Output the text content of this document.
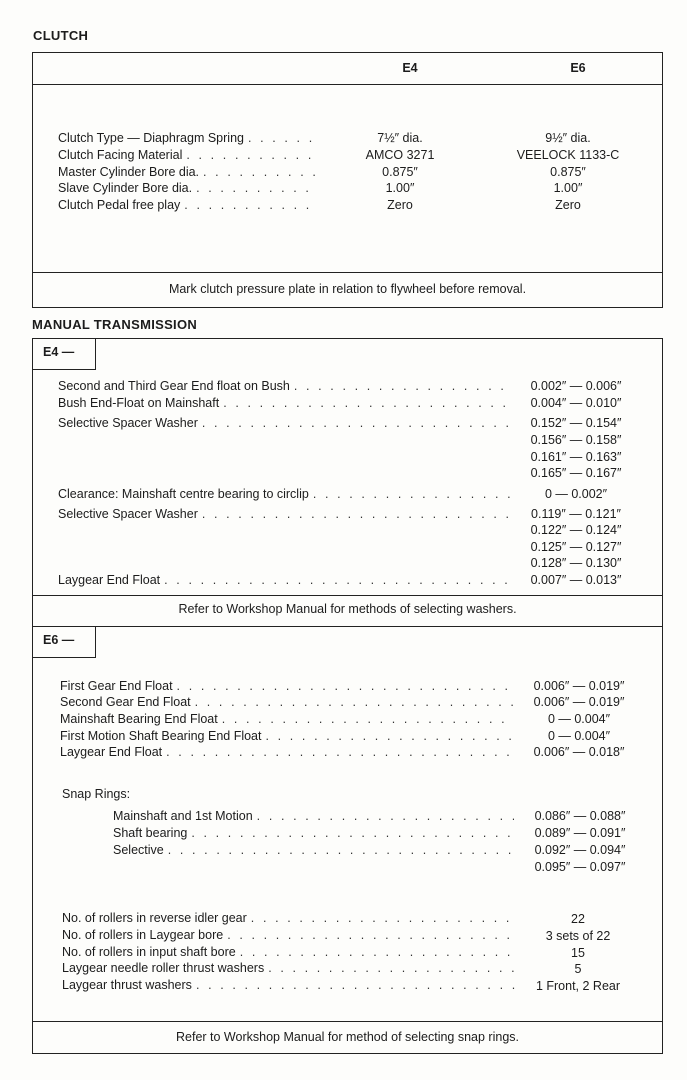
CLUTCH
E4	E6
Clutch Type — Diaphragm Spring . . .	7½″ dia.	9½″ dia.
Clutch Facing Material . . .	AMCO 3271	VEELOCK 1133-C
Master Cylinder Bore dia. . . .	0.875″	0.875″
Slave Cylinder Bore dia. . . .	1.00″	1.00″
Clutch Pedal free play . . .	Zero	Zero
Mark clutch pressure plate in relation to flywheel before removal.
MANUAL TRANSMISSION
E4 —
Second and Third Gear End float on Bush . . .	0.002″ — 0.006″
Bush End-Float on Mainshaft . . .	0.004″ — 0.010″
Selective Spacer Washer . . .	0.152″ — 0.154″
0.156″ — 0.158″
0.161″ — 0.163″
0.165″ — 0.167″
Clearance: Mainshaft centre bearing to circlip . . .	0 — 0.002″
Selective Spacer Washer . . .	0.119″ — 0.121″
0.122″ — 0.124″
0.125″ — 0.127″
0.128″ — 0.130″
Laygear End Float . . .	0.007″ — 0.013″
Refer to Workshop Manual for methods of selecting washers.
E6 —
First Gear End Float . . .	0.006″ — 0.019″
Second Gear End Float . . .	0.006″ — 0.019″
Mainshaft Bearing End Float . . .	0 — 0.004″
First Motion Shaft Bearing End Float . . .	0 — 0.004″
Laygear End Float . . .	0.006″ — 0.018″
Snap Rings:
Mainshaft and 1st Motion . . .	0.086″ — 0.088″
Shaft bearing . . .	0.089″ — 0.091″
Selective . . .	0.092″ — 0.094″
0.095″ — 0.097″
No. of rollers in reverse idler gear . . .	22
No. of rollers in Laygear bore . . .	3 sets of 22
No. of rollers in input shaft bore . . .	15
Laygear needle roller thrust washers . . .	5
Laygear thrust washers . . .	1 Front, 2 Rear
Refer to Workshop Manual for method of selecting snap rings.
